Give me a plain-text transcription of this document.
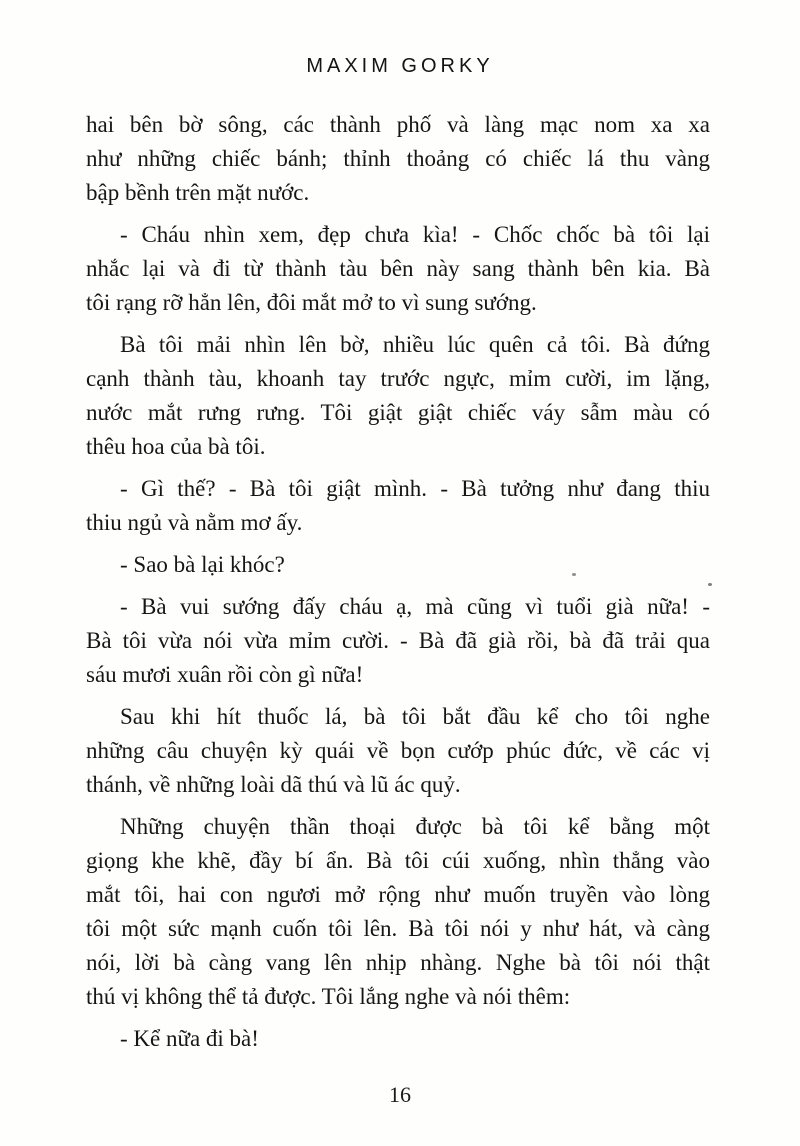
MAXIM GORKY
hai bên bờ sông, các thành phố và làng mạc nom xa xa
như những chiếc bánh; thỉnh thoảng có chiếc lá thu vàng
bập bềnh trên mặt nước.
- Cháu nhìn xem, đẹp chưa kìa! - Chốc chốc bà tôi lại
nhắc lại và đi từ thành tàu bên này sang thành bên kia. Bà
tôi rạng rỡ hẳn lên, đôi mắt mở to vì sung sướng.
Bà tôi mải nhìn lên bờ, nhiều lúc quên cả tôi. Bà đứng
cạnh thành tàu, khoanh tay trước ngực, mỉm cười, im lặng,
nước mắt rưng rưng. Tôi giật giật chiếc váy sẫm màu có
thêu hoa của bà tôi.
- Gì thế? - Bà tôi giật mình. - Bà tưởng như đang thiu
thiu ngủ và nằm mơ ấy.
- Sao bà lại khóc?
- Bà vui sướng đấy cháu ạ, mà cũng vì tuổi già nữa! -
Bà tôi vừa nói vừa mỉm cười. - Bà đã già rồi, bà đã trải qua
sáu mươi xuân rồi còn gì nữa!
Sau khi hít thuốc lá, bà tôi bắt đầu kể cho tôi nghe
những câu chuyện kỳ quái về bọn cướp phúc đức, về các vị
thánh, về những loài dã thú và lũ ác quỷ.
Những chuyện thần thoại được bà tôi kể bằng một
giọng khe khẽ, đầy bí ẩn. Bà tôi cúi xuống, nhìn thẳng vào
mắt tôi, hai con ngươi mở rộng như muốn truyền vào lòng
tôi một sức mạnh cuốn tôi lên. Bà tôi nói y như hát, và càng
nói, lời bà càng vang lên nhịp nhàng. Nghe bà tôi nói thật
thú vị không thể tả được. Tôi lắng nghe và nói thêm:
- Kể nữa đi bà!
16
